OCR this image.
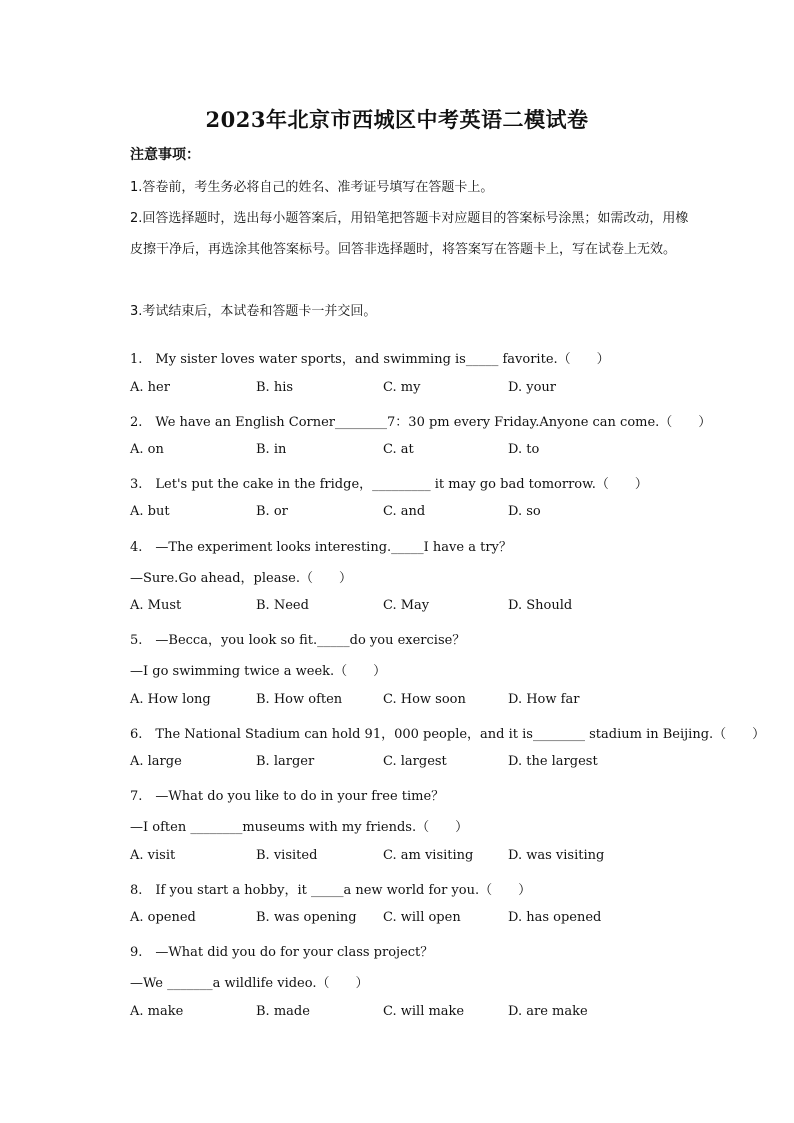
2023年北京市西城区中考英语二模试卷
注意事项：
1.答卷前，考生务必将自己的姓名、准考证号填写在答题卡上。
2.回答选择题时，选出每小题答案后，用铅笔把答题卡对应题目的答案标号涂黑；如需改动，用橡皮擦干净后，再选涂其他答案标号。回答非选择题时，将答案写在答题卡上，写在试卷上无效。
3.考试结束后，本试卷和答题卡一并交回。
1.　My sister loves water sports，and swimming is_____ favorite.（　　）
A. her	B. his	C. my	D. your
2.　We have an English Corner________7：30 pm every Friday.Anyone can come.（　　）
A. on	B. in	C. at	D. to
3.　Let's put the cake in the fridge，_________ it may go bad tomorrow.（　　）
A. but	B. or	C. and	D. so
4.　—The experiment looks interesting._____I have a try？
—Sure.Go ahead，please.（　　）
A. Must	B. Need	C. May	D. Should
5.　—Becca，you look so fit._____do you exercise？
—I go swimming twice a week.（　　）
A. How long	B. How often	C. How soon	D. How far
6.　The National Stadium can hold 91，000 people，and it is________ stadium in Beijing.（　　）
A. large	B. larger	C. largest	D. the largest
7.　—What do you like to do in your free time？
—I often ________museums with my friends.（　　）
A. visit	B. visited	C. am visiting	D. was visiting
8.　If you start a hobby，it _____a new world for you.（　　）
A. opened	B. was opening C. will open	D. has opened
9.　—What did you do for your class project？
—We _______a wildlife video.（　　）
A. make	B. made	C. will make	D. are make
